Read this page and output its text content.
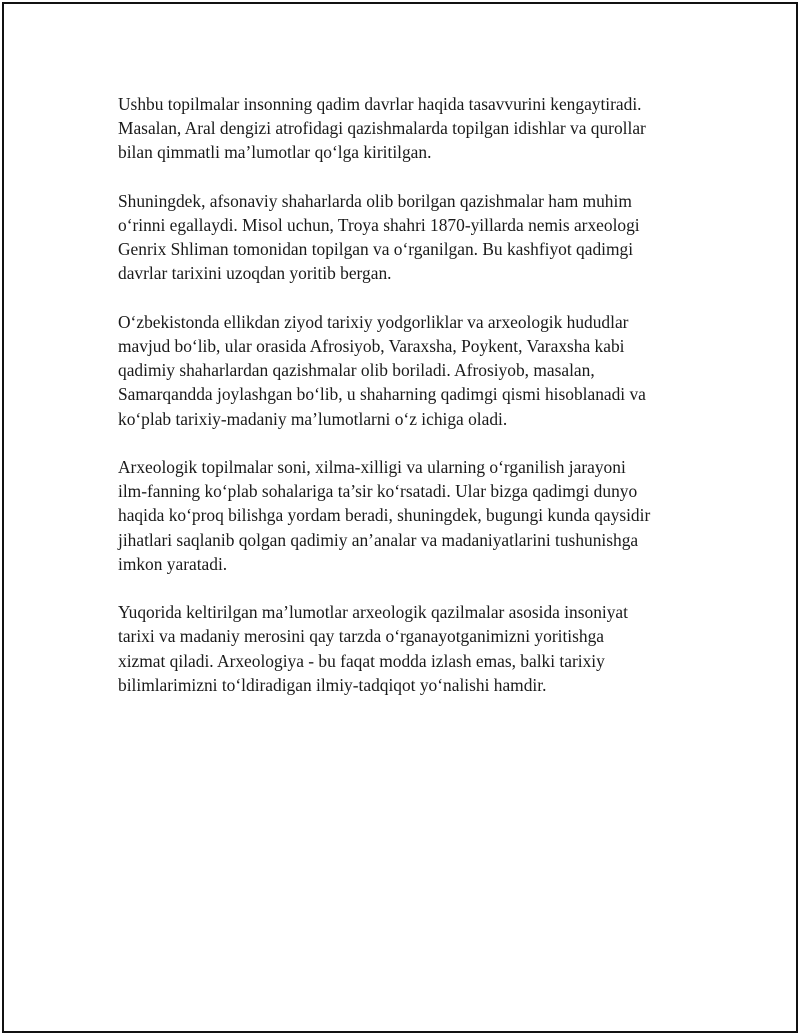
Ushbu topilmalar insonning qadim davrlar haqida tasavvurini kengaytiradi.
Masalan, Aral dengizi atrofidagi qazishmalarda topilgan idishlar va qurollar
bilan qimmatli ma’lumotlar qo‘lga kiritilgan.

Shuningdek, afsonaviy shaharlarda olib borilgan qazishmalar ham muhim
o‘rinni egallaydi. Misol uchun, Troya shahri 1870-yillarda nemis arxeologi
Genrix Shliman tomonidan topilgan va o‘rganilgan. Bu kashfiyot qadimgi
davrlar tarixini uzoqdan yoritib bergan.

O‘zbekistonda ellikdan ziyod tarixiy yodgorliklar va arxeologik hududlar
mavjud bo‘lib, ular orasida Afrosiyob, Varaxsha, Poykent, Varaxsha kabi
qadimiy shaharlardan qazishmalar olib boriladi. Afrosiyob, masalan,
Samarqandda joylashgan bo‘lib, u shaharning qadimgi qismi hisoblanadi va
ko‘plab tarixiy-madaniy ma’lumotlarni o‘z ichiga oladi.

Arxeologik topilmalar soni, xilma-xilligi va ularning o‘rganilish jarayoni
ilm-fanning ko‘plab sohalariga ta’sir ko‘rsatadi. Ular bizga qadimgi dunyo
haqida ko‘proq bilishga yordam beradi, shuningdek, bugungi kunda qaysidir
jihatlari saqlanib qolgan qadimiy an’analar va madaniyatlarini tushunishga
imkon yaratadi.

Yuqorida keltirilgan ma’lumotlar arxeologik qazilmalar asosida insoniyat
tarixi va madaniy merosini qay tarzda o‘rganayotganimizni yoritishga
xizmat qiladi. Arxeologiya - bu faqat modda izlash emas, balki tarixiy
bilimlarimizni to‘ldiradigan ilmiy-tadqiqot yo‘nalishi hamdir.
